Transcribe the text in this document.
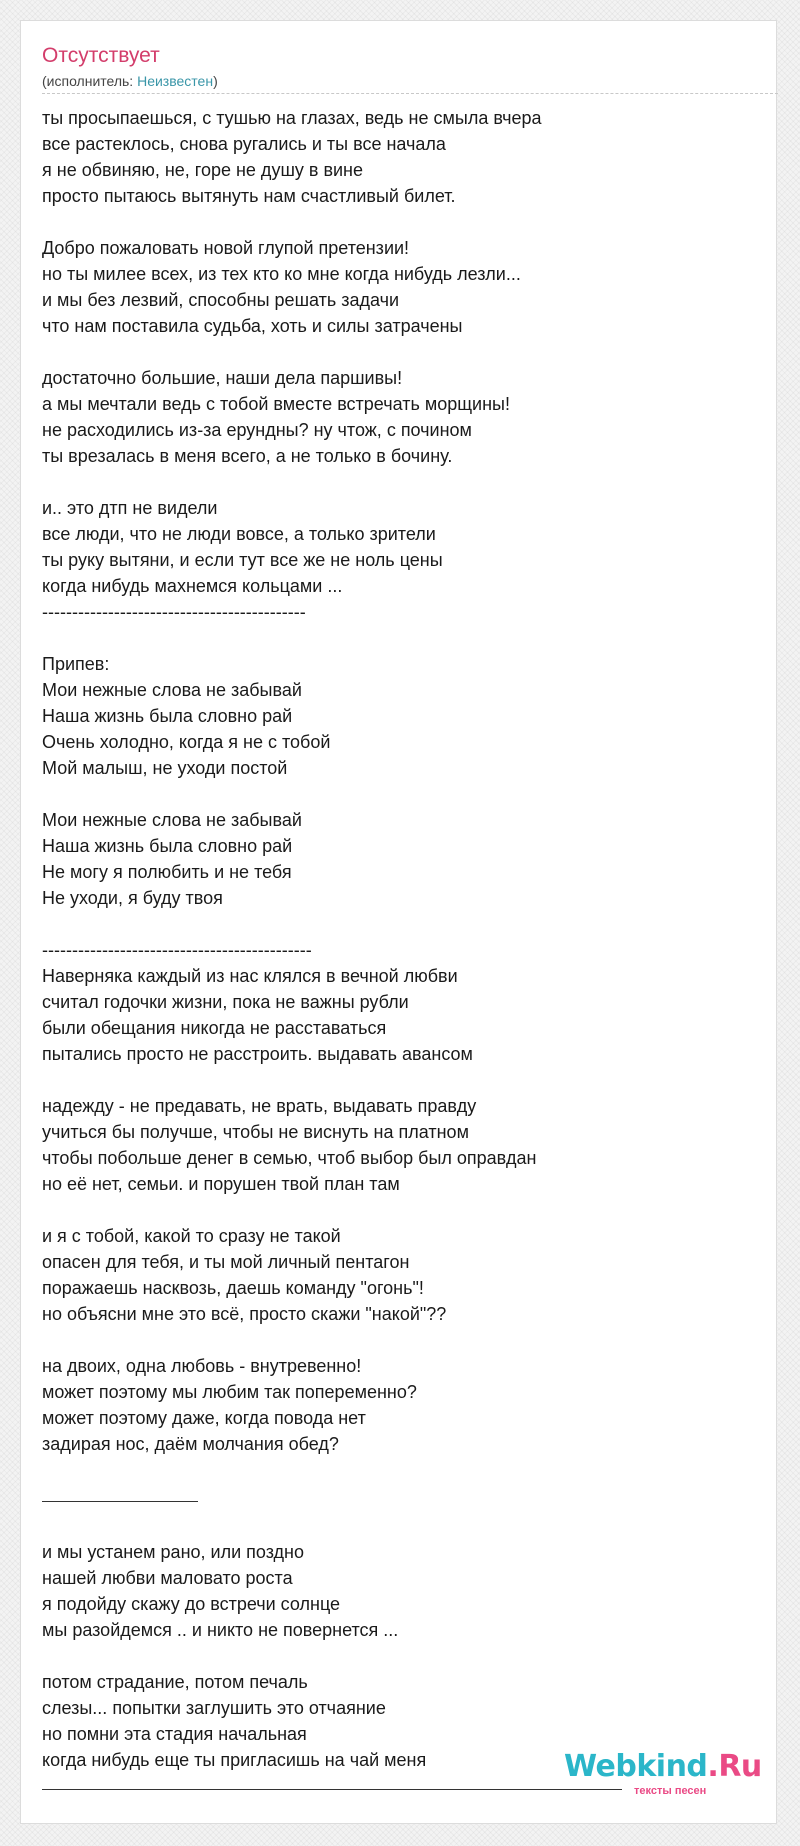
Отсутствует
(исполнитель: Неизвестен)
ты просыпаешься, с тушью на глазах, ведь не смыла вчера
все растеклось, снова ругались и ты все начала
я не обвиняю, не, горе не душу в вине
просто пытаюсь вытянуть нам счастливый билет.
Добро пожаловать новой глупой претензии!
но ты милее всех, из тех кто ко мне когда нибудь лезли...
и мы без лезвий, способны решать задачи
что нам поставила судьба, хоть и силы затрачены
достаточно большие, наши дела паршивы!
а мы мечтали ведь с тобой вместе встречать морщины!
не расходились из-за ерундны? ну чтож, с почином
ты врезалась в меня всего, а не только в бочину.
и.. это дтп не видели
все люди, что не люди вовсе, а только зрители
ты руку вытяни, и если тут все же не ноль цены
когда нибудь махнемся кольцами ...
--------------------------------------------
Припев:
Мои нежные слова не забывай
Наша жизнь была словно рай
Очень холодно, когда я не с тобой
Мой малыш, не уходи постой
Мои нежные слова не забывай
Наша жизнь была словно рай
Не могу я полюбить и не тебя
Не уходи, я буду твоя
---------------------------------------------
Наверняка каждый из нас клялся в вечной любви
считал годочки жизни, пока не важны рубли
были обещания никогда не расставаться
пытались просто не расстроить. выдавать авансом
надежду - не предавать, не врать, выдавать правду
учиться бы получше, чтобы не виснуть на платном
чтобы побольше денег в семью, чтоб выбор был оправдан
но её нет, семьи. и порушен твой план там
и я с тобой, какой то сразу не такой
опасен для тебя, и ты мой личный пентагон
поражаешь насквозь, даешь команду "огонь"!
но объясни мне это всё, просто скажи "накой"??
на двоих, одна любовь - внутревенно!
может поэтому мы любим так попеременно?
может поэтому даже, когда повода нет
задирая нос, даём молчания обед?
и мы устанем рано, или поздно
нашей любви маловато роста
я подойду скажу до встречи солнце
мы разойдемся .. и никто не повернется ...
потом страдание, потом печаль
слезы... попытки заглушить это отчаяние
но помни эта стадия начальная
когда нибудь еще ты пригласишь на чай меня	Webkind.Ru
тексты песен
